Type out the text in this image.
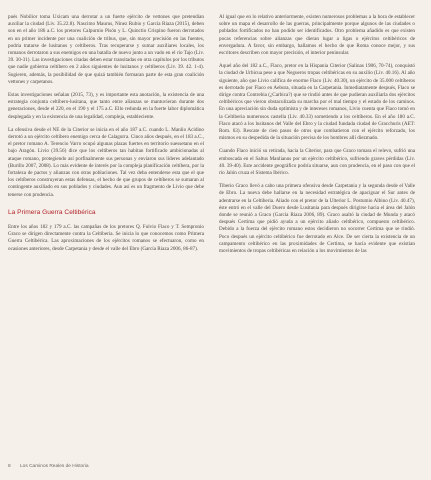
pués Nobilior toma Uxicam una derrotar a un fuerte ejército de vettones que pretendían auxiliar la ciudad (Liv. 35.22.8). Nascimo Maurus, Nínez Rubio y García Riaza (2015), deben son en el año 186 a.C. los pretores Calpurnio Pisón y L. Quinctio Crispino fueron derrotados en un primer incidente por una coalición de tribus, que, sin mayor precisión en las fuentes, podría tratarse de lusitanos y celtíberos. Tras recuperarse y sumar auxiliares locales, los romanos derrotaron a sus enemigos en una batalla de nuevo junto a un vado en el río Tajo (Liv. 39. 30-31). Las investigaciones citadas deben estar transitadas en otra capítulos por los tributos que nadie gobierna celtíbero en 2 años siguientes de lusitanos y celtíberos (Liv. 39. 42. 1-4). Sugieren, además, la posibilidad de que quizá también formaran parte de esta gran coalición vettones y carpetanos.

Estas investigaciones señalan (2015, 73), y es importante esta anotación, la existencia de una estrategia conjunta celtíbero-lusitana, que tanto entre alianzas se mantuvieran durante dos generaciones, desde el 220, en el 190 y el 175 a.C. Ello redunda en la fuerte labor diplomática desplegada y en la existencia de una legalidad, compleja, estableciente.

La ofensiva desde el NE de la Citerior se inicia en el año 187 a.C. cuando L. Manlio Acidino derrotó a un ejército celtíbero enemigo cerca de Calagurra. Cinco años después, en el 183 a.C., el pretor romano A. Terencio Varro ocupó algunas plazas fuertes en territorio suessetano en el bajo Aragón. Livio (39.56) dice que los celtíberos tan habitan fortificado ambicionadas al ataque romano, protegiendo así porfinalmente sus personas y enviaron sus líderes adelantado (Burillo 2007, 2008). Lo más evidente de interés por la compleja planificación celtíbera, por la fortaleza de pactos y alianzas con otras poblaciones. Tal vez deba entenderse esta que el que los celtíberos construyeran estas defensas, el hecho de que grupos de celtíberos se sumaran al contingente auxiliado en sus poblados y ciudades. Aun así es un fragmento de Livio que debe tenerse con prudencia.

La Primera Guerra Celtibérica

Entre los años 182 y 179 a.C. las campañas de los pretores Q. Fulvio Flaco y T. Sempronio Graco se dirigen directamente contra la Celtiberia. Se inicia lo que conocemos como Primera Guerra Celtibérica. Las aproximaciones de los ejércitos romanos se efectuaron, como en ocasiones anteriores, desde Carpetania y desde el valle del Ebro (García Riaza 2006, 86-87).

Al igual que en lo relativo anteriormente, existen numerosos problemas a la hora de establecer sobre un mapa el desarrollo de las guerras, principalmente porque algunos de las ciudades o poblados fortificados no han podido ser identificados. Otro problema añadido es que existen pocas referencias sobre alianzas que dieran lugar a ligas o ejércitos celtibéricos de envergadura. A favor, sin embargo, hallamos el hecho de que Roma conoce mejor, y sus escritores describen con mayor precisión, el interior peninsular.

Aquel año del 182 a.C., Flaco, pretor en la Hispania Citerior (Salinas 1986, 70-74), conquistó la ciudad de Urbicua pese a que Negueros tropas celtibéricas en su auxilio (Liv. 40.16). Al año siguiente, año que Livio califica de enorme Flaco (Liv. 40.30), un ejército de 35.000 celtíberos es derrotado por Flaco en Aebura, situada en la Carpetania. Inmediatamente después, Flaco se dirige contra Contrebia (¿Carbica?) que se rindió antes de que pudieran auxiliarla dos ejércitos celtibéricos que vieron obstaculizada su marcha por el mal tiempo y el estado de los caminos. En una apreciación sin duda optimista y de intereses romanos, Livio cuenta que Flaco tomó en la Celtiberia numerosos castella (Liv. 40.33) sometiendo a los celtíberos. En el año 180 a.C. Flaco atacó a los lusitanos del Valle del Ebro y la ciudad fundada ciudad de Gracchuris (AET: Rom. 63). Rescate de cien pasos de otros que combatieron con el ejército reforzado, los mismos en su despedida de la situación precisa de los hombres allí diezmado.

Cuando Flaco inició su retirada, hacia la Citerior, para que Graco tomara el relevo, sufrió una emboscada en el Saltus Manlianus por un ejército celtibérico, sufriendo graves pérdidas (Liv. 40. 39-40). Este accidente geográfico podría situarse, aun con prudencia, en el paso con que el río Jalón cruza el Sistema Ibérico.

Tiberio Graco llevó a cabo una primera ofensiva desde Carpetania y la segunda desde el Valle de Ebro. La nueva debe hallarse en la necesidad estratégica de apaciguar el Sur antes de adentrarse en la Celtiberia. Aliado con el pretor de la Ulterior L. Postumio Albino (Liv. 40.47), éste entró en el valle del Duero desde Lusitania para después dirigirse hacia el área del Jalón donde se reunió a Graco (García Riaza 2006, 89). Graco asaltó la ciudad de Munda y atacó después Certima que pidió ayuda a un ejército aliado celtibérico, compuesto celtibérico. Debido a la fuerza del ejército romano estos decidieron no socorrer Certima que se rindió. Poco después un ejército celtibérico fue derrotado en Alce. De ser cierta la existencia de un campamento celtibérico en las proximidades de Certima, se hacía evidente que existían movimientos de tropas celtibéricas en relación a los movimientos de las

8 Los Caminos Reales de Historia
